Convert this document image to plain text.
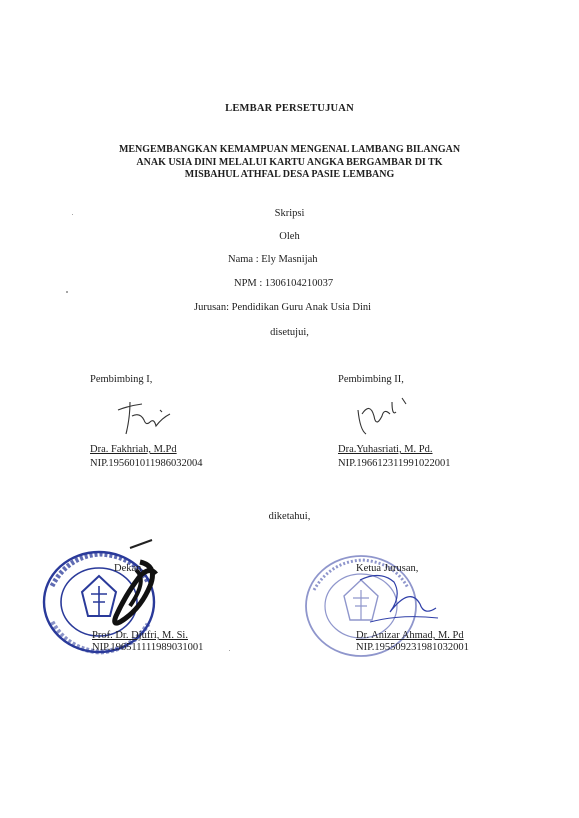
LEMBAR PERSETUJUAN
MENGEMBANGKAN KEMAMPUAN MENGENAL LAMBANG BILANGAN
ANAK USIA DINI MELALUI KARTU ANGKA BERGAMBAR DI TK
MISBAHUL ATHFAL DESA PASIE LEMBANG
Skripsi
Oleh
Nama : Ely Masnijah
NPM : 1306104210037
Jurusan: Pendidikan Guru Anak Usia Dini
disetujui,
Pembimbing I,
Dra. Fakhriah, M.Pd
NIP.195601011986032004
Pembimbing II,
Dra.Yuhasriati, M. Pd.
NIP.196612311991022001
diketahui,
Dekan,
Prof. Dr. Djufri, M. Si.
NIP.196511111989031001
Ketua Jurusan,
Dr. Anizar Ahmad, M. Pd
NIP.195509231981032001
